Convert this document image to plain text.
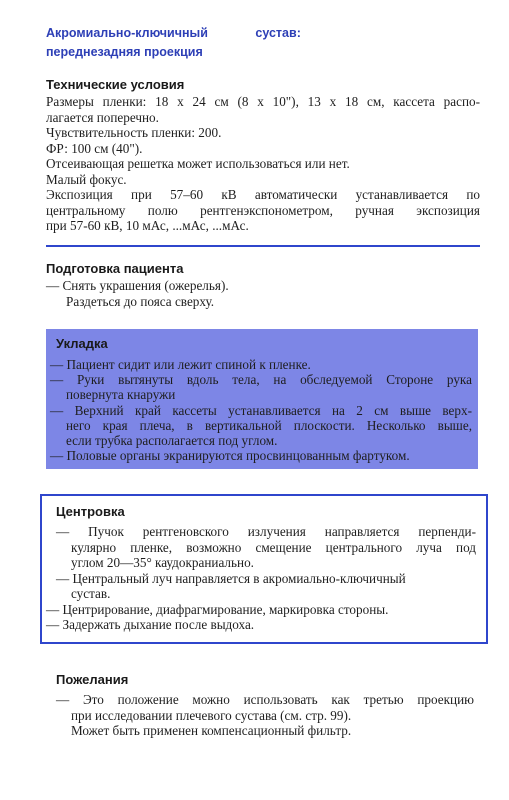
Акромиально-ключичный	сустав:
переднезадняя проекция
Технические условия
Размеры пленки: 18 x 24 см (8 x 10"), 13 x 18 см, кассета распо-
лагается поперечно.
Чувствительность пленки: 200.
ФР: 100 см (40").
Отсеивающая решетка может использоваться или нет.
Малый фокус.
Экспозиция при 57–60 кВ автоматически устанавливается по
центральному полю рентгенэкспонометром, ручная экспозиция
при 57-60 кВ, 10 мАс, ...мАс, ...мАс.
Подготовка пациента
— Снять украшения (ожерелья).
Раздеться до пояса сверху.
Укладка
— Пациент сидит или лежит спиной к пленке.
— Руки вытянуты вдоль тела, на обследуемой Стороне рука
повернута кнаружи
— Верхний край кассеты устанавливается на 2 см выше верх-
него края плеча, в вертикальной плоскости. Несколько выше,
если трубка располагается под углом.
— Половые органы экранируются просвинцованным фартуком.
Центровка
— Пучок рентгеновского излучения направляется перпенди-
кулярно пленке, возможно смещение центрального луча под
углом 20—35° каудокраниально.
— Центральный луч направляется в акромиально-ключичный
сустав.
— Центрирование, диафрагмирование, маркировка стороны.
— Задержать дыхание после выдоха.
Пожелания
— Это положение можно использовать как третью проекцию
при исследовании плечевого сустава (см. стр. 99).
Может быть применен компенсационный фильтр.
